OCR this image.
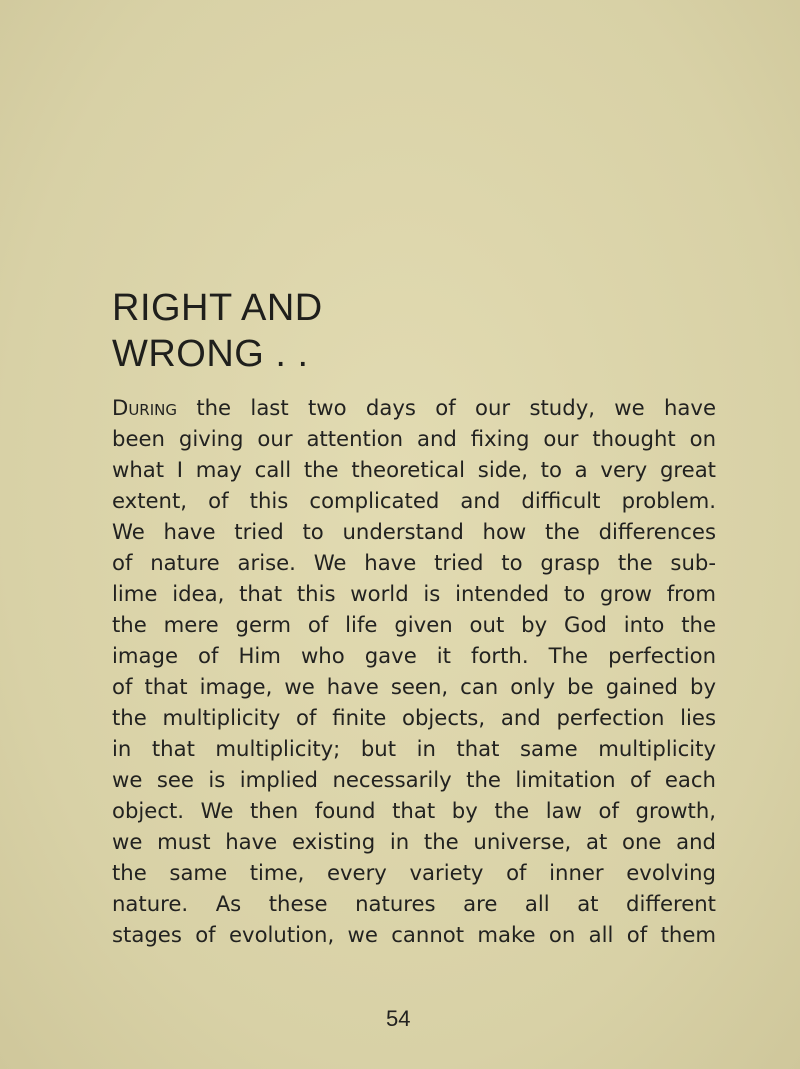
RIGHT AND
WRONG . .
During the last two days of our study, we have
been giving our attention and fixing our thought on
what I may call the theoretical side, to a very great
extent, of this complicated and difficult problem.
We have tried to understand how the differences
of nature arise. We have tried to grasp the sub-
lime idea, that this world is intended to grow from
the mere germ of life given out by God into the
image of Him who gave it forth. The perfection
of that image, we have seen, can only be gained by
the multiplicity of finite objects, and perfection lies
in that multiplicity; but in that same multiplicity
we see is implied necessarily the limitation of each
object. We then found that by the law of growth,
we must have existing in the universe, at one and
the same time, every variety of inner evolving
nature. As these natures are all at different
stages of evolution, we cannot make on all of them
54
